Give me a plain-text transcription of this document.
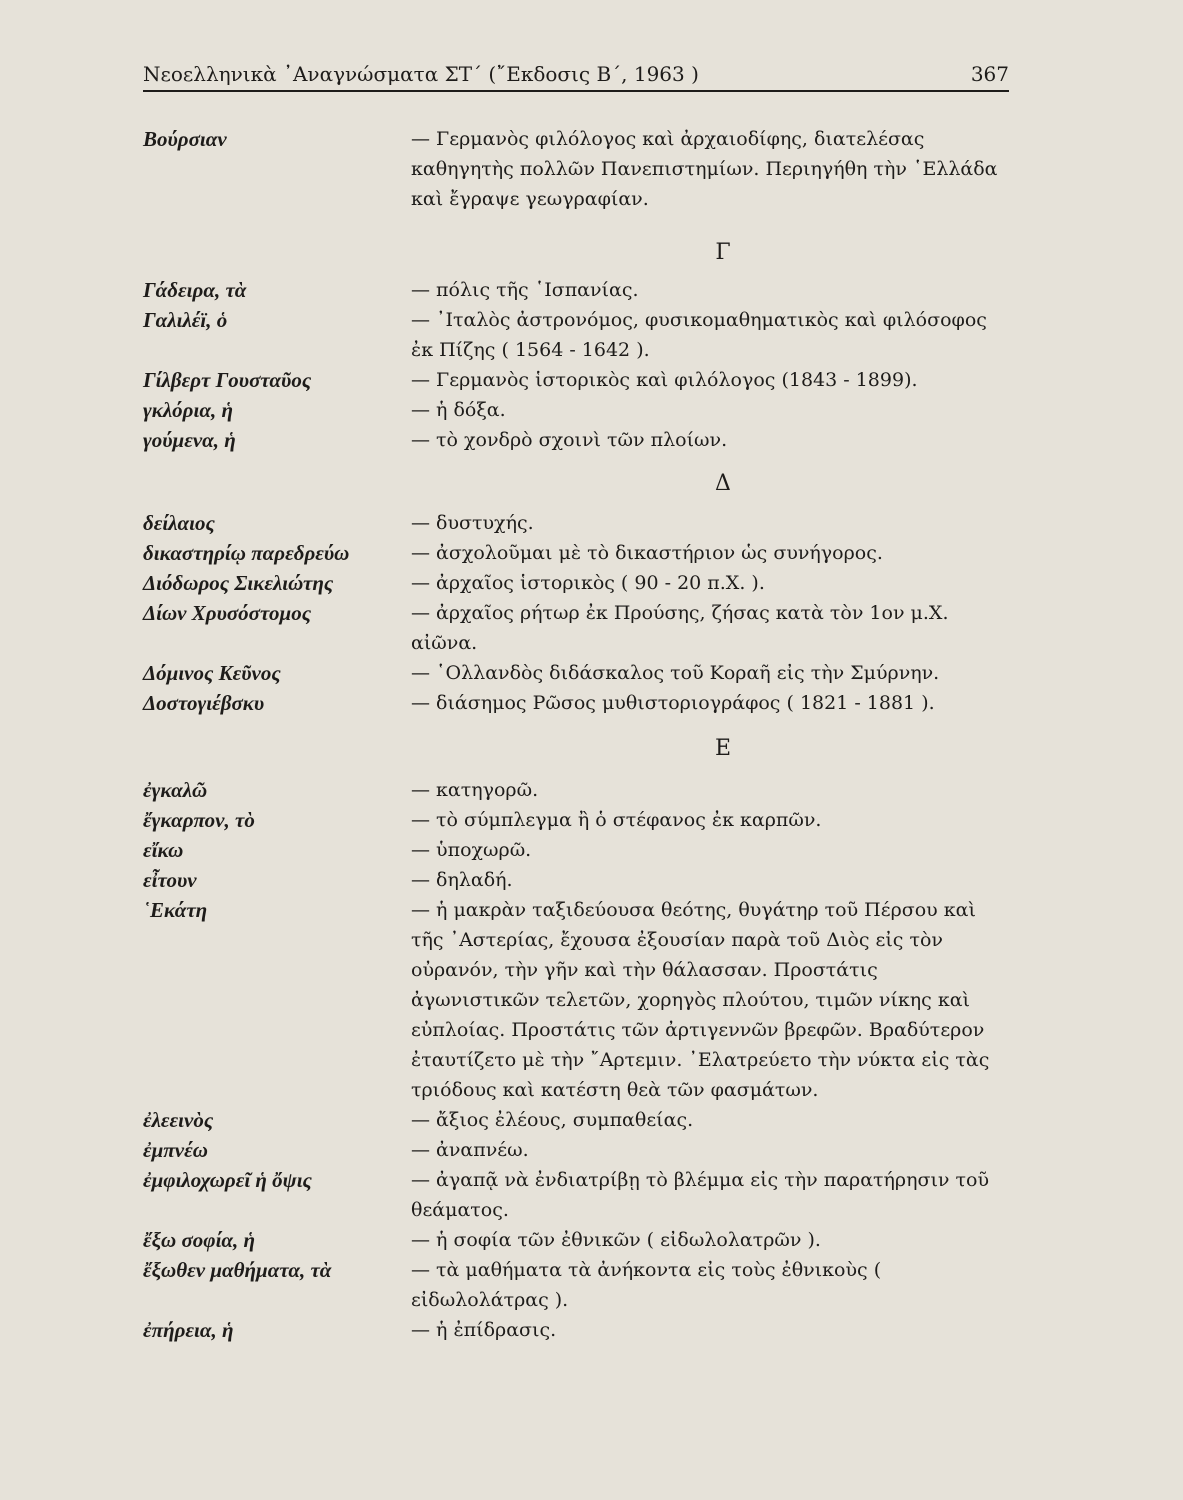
Νεοελληνικὰ ᾿Αναγνώσματα ΣΤ΄ (῎Εκδοσις Β΄, 1963 )	367
Βούρσιαν	— Γερμανὸς φιλόλογος καὶ ἀρχαιοδίφης, διατελέσας καθηγητὴς πολλῶν Πανεπιστημίων. Περιηγήθη τὴν ῾Ελλάδα καὶ ἔγραψε γεωγραφίαν.
Γ
Γάδειρα, τὰ	— πόλις τῆς ῾Ισπανίας.
Γαλιλέϊ, ὁ	— ᾿Ιταλὸς ἀστρονόμος, φυσικομαθηματικὸς καὶ φιλόσοφος ἐκ Πίζης ( 1564 - 1642 ).
Γίλβερτ Γουσταῦος	— Γερμανὸς ἱστορικὸς καὶ φιλόλογος (1843 - 1899).
γκλόρια, ἡ	— ἡ δόξα.
γούμενα, ἡ	— τὸ χονδρὸ σχοινὶ τῶν πλοίων.
Δ
δείλαιος	— δυστυχής.
δικαστηρίῳ παρεδρεύω	— ἀσχολοῦμαι μὲ τὸ δικαστήριον ὡς συνήγορος.
Διόδωρος Σικελιώτης	— ἀρχαῖος ἱστορικὸς ( 90 - 20 π.Χ. ).
Δίων Χρυσόστομος	— ἀρχαῖος ρήτωρ ἐκ Προύσης, ζήσας κατὰ τὸν 1ον μ.Χ. αἰῶνα.
Δόμινος Κεῦνος	— ῾Ολλανδὸς διδάσκαλος τοῦ Κοραῆ εἰς τὴν Σμύρνην.
Δοστογιέβσκυ	— διάσημος Ρῶσος μυθιστοριογράφος ( 1821 - 1881 ).
Ε
ἐγκαλῶ	— κατηγορῶ.
ἔγκαρπον, τὸ	— τὸ σύμπλεγμα ἢ ὁ στέφανος ἐκ καρπῶν.
εἴκω	— ὑποχωρῶ.
εἶτουν	— δηλαδή.
῾Εκάτη	— ἡ μακρὰν ταξιδεύουσα θεότης, θυγάτηρ τοῦ Πέρσου καὶ τῆς ᾿Αστερίας, ἔχουσα ἐξουσίαν παρὰ τοῦ Διὸς εἰς τὸν οὐρανόν, τὴν γῆν καὶ τὴν θάλασσαν. Προστάτις ἀγωνιστικῶν τελετῶν, χορηγὸς πλούτου, τιμῶν νίκης καὶ εὐπλοίας. Προστάτις τῶν ἀρτιγεννῶν βρεφῶν. Βραδύτερον ἐταυτίζετο μὲ τὴν ῎Αρτεμιν. ᾿Ελατρεύετο τὴν νύκτα εἰς τὰς τριόδους καὶ κατέστη θεὰ τῶν φασμάτων.
ἐλεεινὸς	— ἄξιος ἐλέους, συμπαθείας.
ἐμπνέω	— ἀναπνέω.
ἐμφιλοχωρεῖ ἡ ὄψις	— ἀγαπᾷ νὰ ἐνδιατρίβῃ τὸ βλέμμα εἰς τὴν παρατήρησιν τοῦ θεάματος.
ἔξω σοφία, ἡ	— ἡ σοφία τῶν ἐθνικῶν ( εἰδωλολατρῶν ).
ἔξωθεν μαθήματα, τὰ	— τὰ μαθήματα τὰ ἀνήκοντα εἰς τοὺς ἐθνικοὺς ( εἰδωλολάτρας ).
ἐπήρεια, ἡ	— ἡ ἐπίδρασις.
